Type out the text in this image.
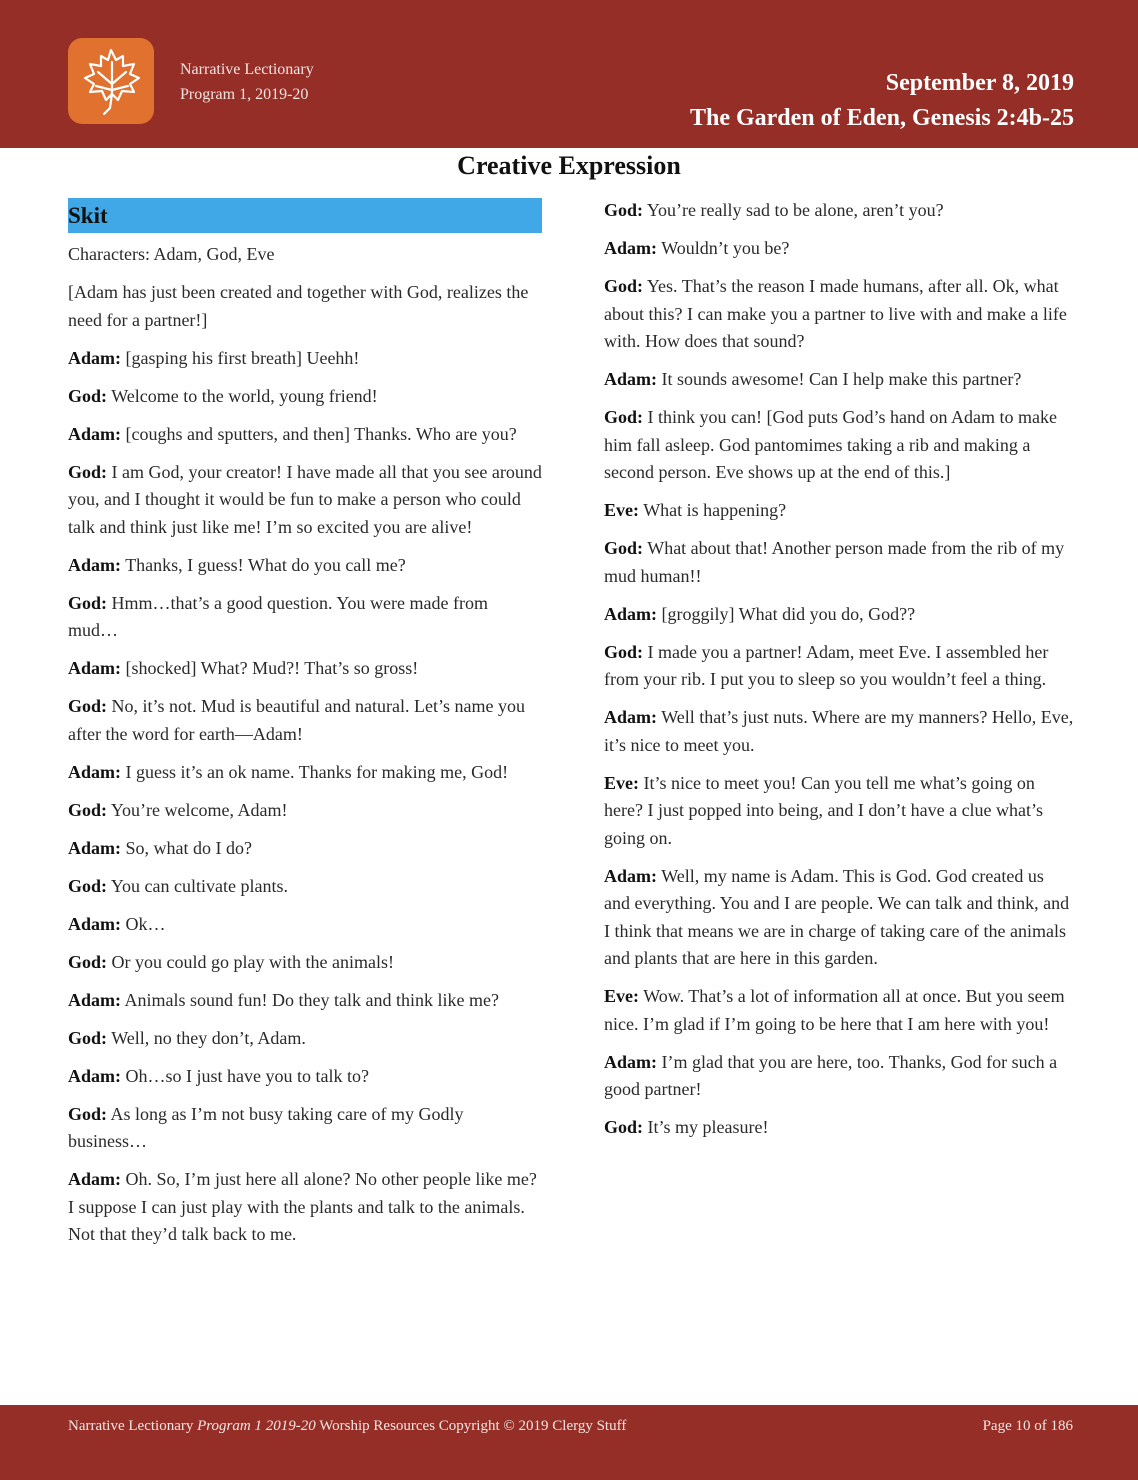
Narrative Lectionary
Program 1, 2019-20	September 8, 2019
The Garden of Eden, Genesis 2:4b-25
Creative Expression
Skit

Characters: Adam, God, Eve

[Adam has just been created and together with God, realizes the need for a partner!]

Adam: [gasping his first breath] Ueehh!

God: Welcome to the world, young friend!

Adam: [coughs and sputters, and then] Thanks. Who are you?

God: I am God, your creator! I have made all that you see around you, and I thought it would be fun to make a person who could talk and think just like me! I’m so excited you are alive!

Adam: Thanks, I guess! What do you call me?

God: Hmm…that’s a good question. You were made from mud…

Adam: [shocked] What? Mud?! That’s so gross!

God: No, it’s not. Mud is beautiful and natural. Let’s name you after the word for earth—Adam!

Adam: I guess it’s an ok name. Thanks for making me, God!

God: You’re welcome, Adam!

Adam: So, what do I do?

God: You can cultivate plants.

Adam: Ok…

God: Or you could go play with the animals!

Adam: Animals sound fun! Do they talk and think like me?

God: Well, no they don’t, Adam.

Adam: Oh…so I just have you to talk to?

God: As long as I’m not busy taking care of my Godly business…

Adam: Oh. So, I’m just here all alone? No other people like me? I suppose I can just play with the plants and talk to the animals. Not that they’d talk back to me.

God: You’re really sad to be alone, aren’t you?

Adam: Wouldn’t you be?

God: Yes. That’s the reason I made humans, after all. Ok, what about this? I can make you a partner to live with and make a life with. How does that sound?

Adam: It sounds awesome! Can I help make this partner?

God: I think you can! [God puts God’s hand on Adam to make him fall asleep. God pantomimes taking a rib and making a second person. Eve shows up at the end of this.]

Eve: What is happening?

God: What about that! Another person made from the rib of my mud human!!

Adam: [groggily] What did you do, God??

God: I made you a partner! Adam, meet Eve. I assembled her from your rib. I put you to sleep so you wouldn’t feel a thing.

Adam: Well that’s just nuts. Where are my manners? Hello, Eve, it’s nice to meet you.

Eve: It’s nice to meet you! Can you tell me what’s going on here? I just popped into being, and I don’t have a clue what’s going on.

Adam: Well, my name is Adam. This is God. God created us and everything. You and I are people. We can talk and think, and I think that means we are in charge of taking care of the animals and plants that are here in this garden.

Eve: Wow. That’s a lot of information all at once. But you seem nice. I’m glad if I’m going to be here that I am here with you!

Adam: I’m glad that you are here, too. Thanks, God for such a good partner!

God: It’s my pleasure!

Narrative Lectionary Program 1 2019-20 Worship Resources Copyright © 2019 Clergy Stuff	Page 10 of 186
